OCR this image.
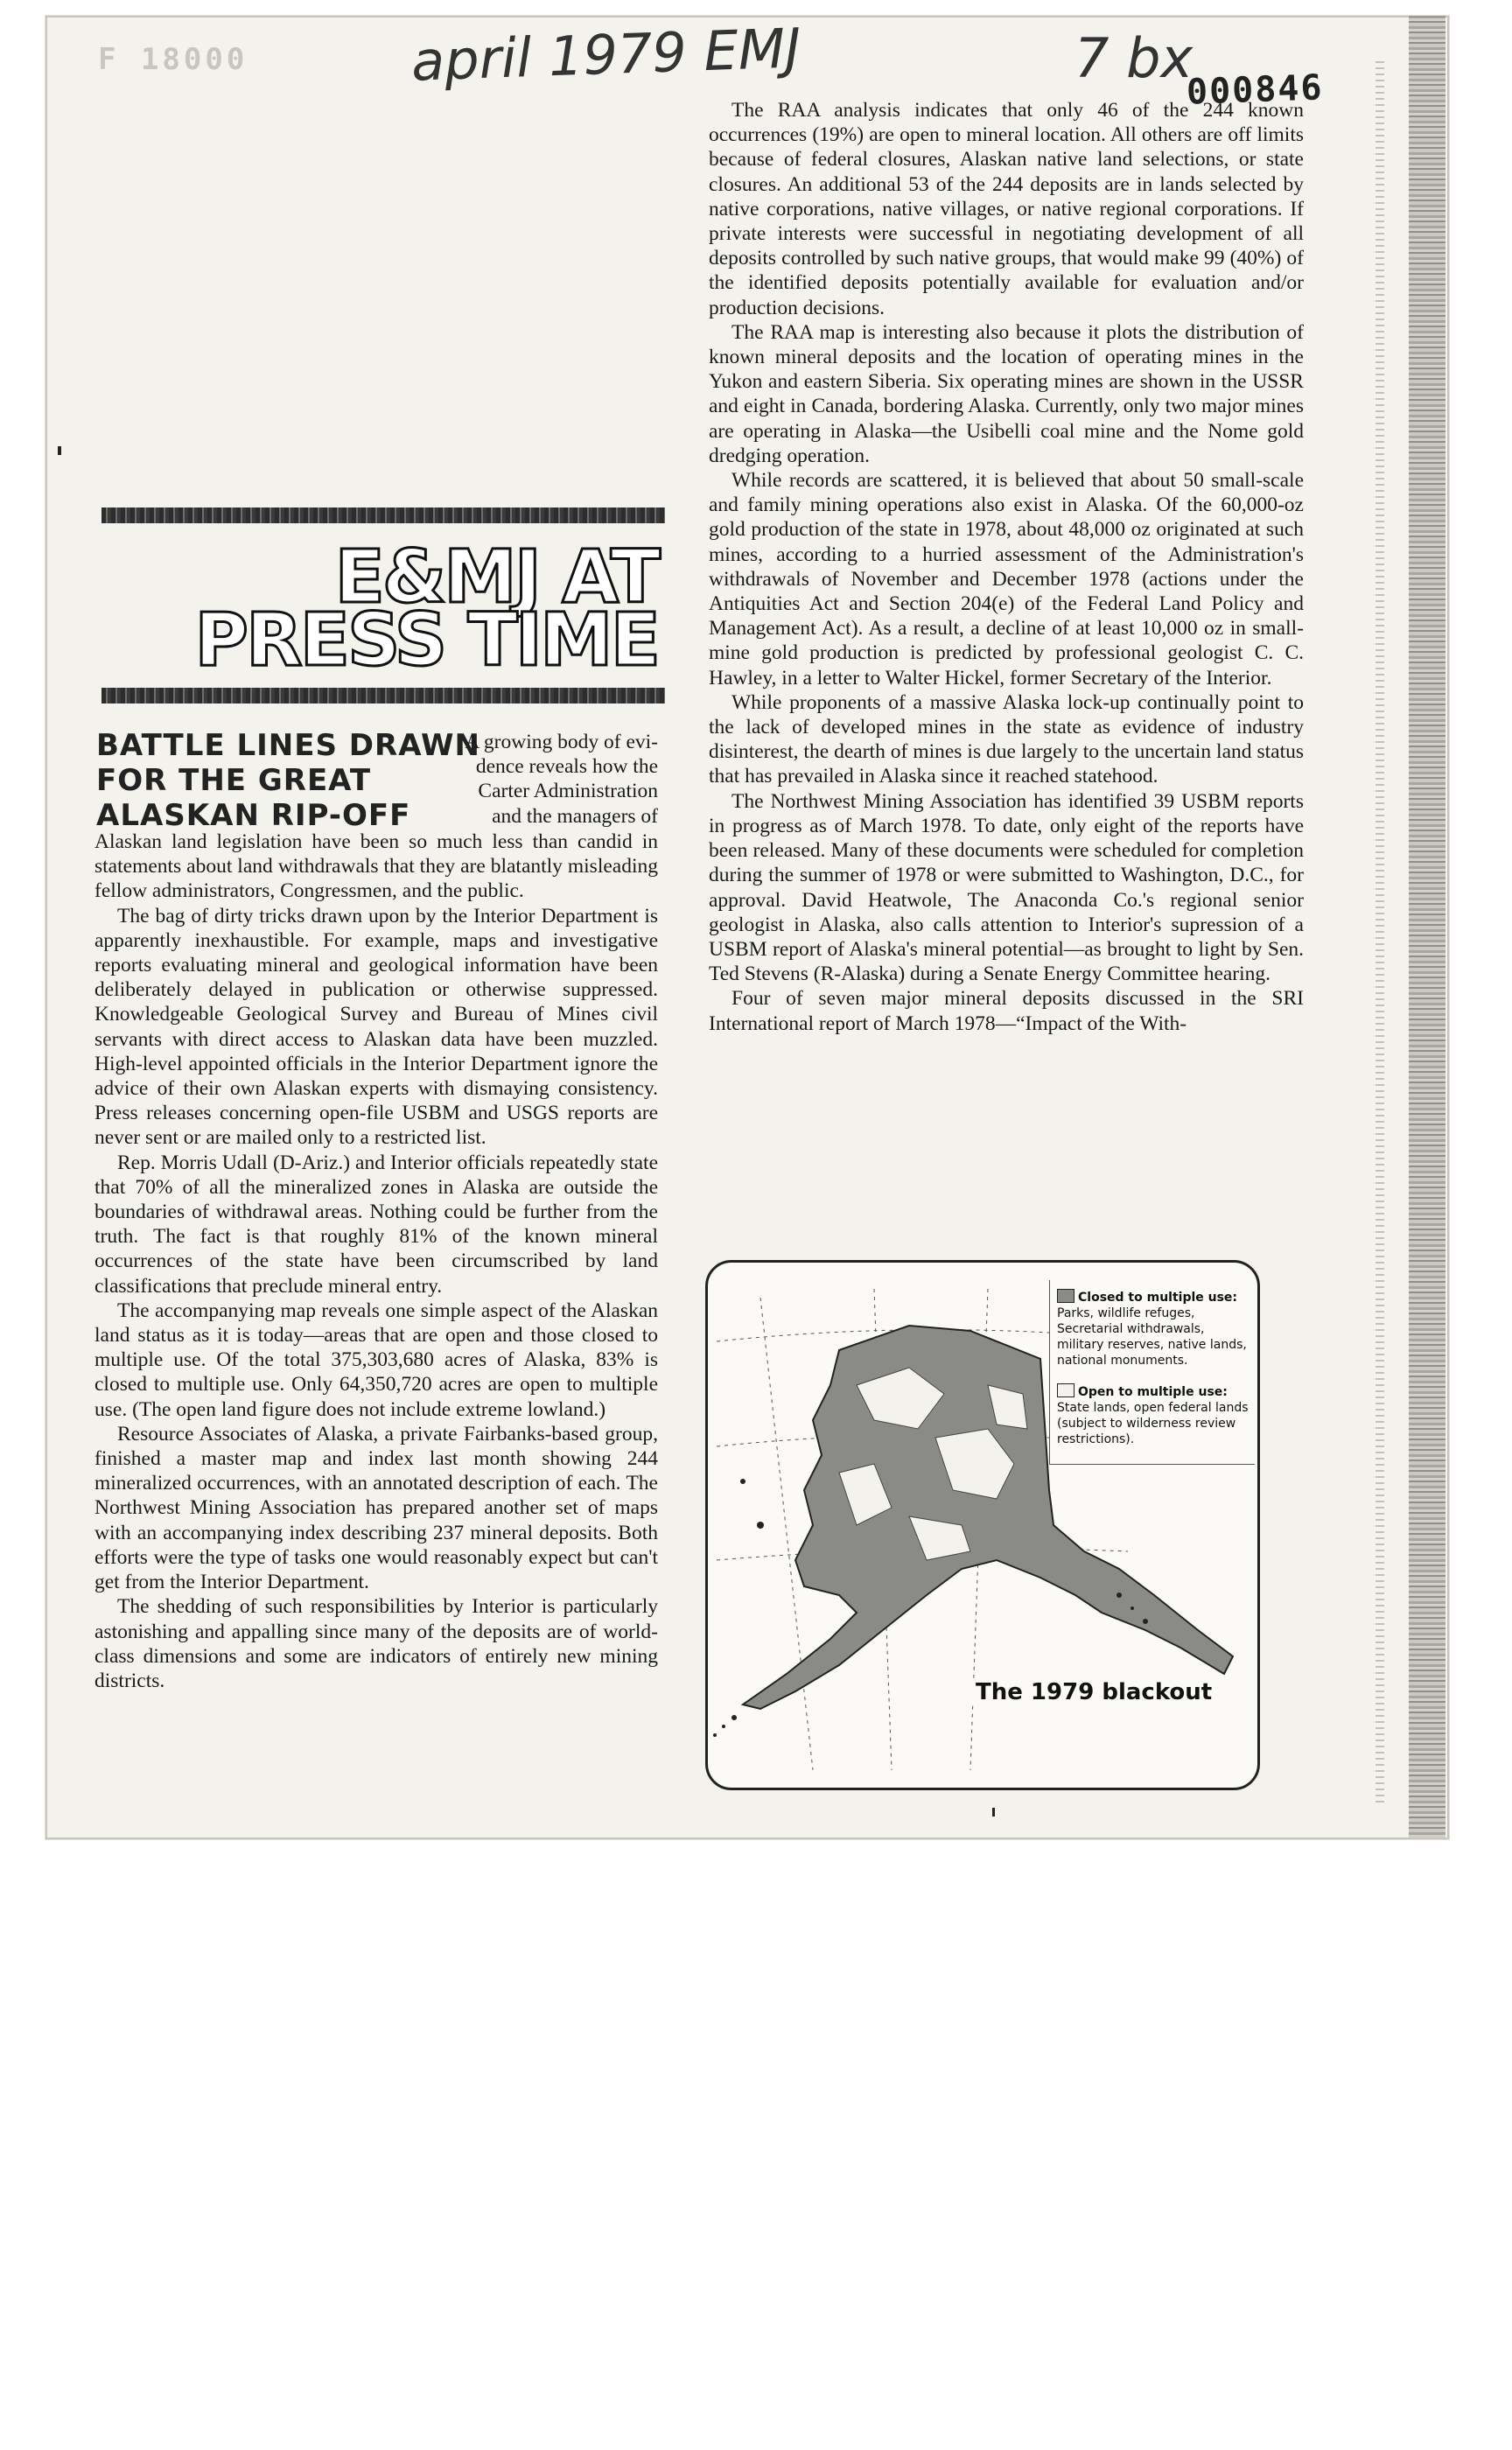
F 18000	april 1979 EMJ	7 bx
000846
E&MJ AT
PRESS TIME
BATTLE LINES DRAWN
FOR THE GREAT
ALASKAN RIP-OFF

A growing body of evi-

dence reveals how the

Carter Administration

and the managers of

Alaskan land legislation have been so much less than candid in statements about land withdrawals that they are blatantly misleading fellow administrators, Congressmen, and the public.

The bag of dirty tricks drawn upon by the Interior Department is apparently inexhaustible. For example, maps and investigative reports evaluating mineral and geological information have been deliberately delayed in publication or otherwise suppressed. Knowledgeable Geological Survey and Bureau of Mines civil servants with direct access to Alaskan data have been muzzled. High-level appointed officials in the Interior Department ignore the advice of their own Alaskan experts with dismaying consistency. Press releases concerning open-file USBM and USGS reports are never sent or are mailed only to a restricted list.

Rep. Morris Udall (D-Ariz.) and Interior officials repeatedly state that 70% of all the mineralized zones in Alaska are outside the boundaries of withdrawal areas. Nothing could be further from the truth. The fact is that roughly 81% of the known mineral occurrences of the state have been circumscribed by land classifications that preclude mineral entry.

The accompanying map reveals one simple aspect of the Alaskan land status as it is today—areas that are open and those closed to multiple use. Of the total 375,303,680 acres of Alaska, 83% is closed to multiple use. Only 64,350,720 acres are open to multiple use. (The open land figure does not include extreme lowland.)

Resource Associates of Alaska, a private Fairbanks-based group, finished a master map and index last month showing 244 mineralized occurrences, with an annotated description of each. The Northwest Mining Association has prepared another set of maps with an accompanying index describing 237 mineral deposits. Both efforts were the type of tasks one would reasonably expect but can't get from the Interior Department.

The shedding of such responsibilities by Interior is particularly astonishing and appalling since many of the deposits are of world-class dimensions and some are indicators of entirely new mining districts.

The RAA analysis indicates that only 46 of the 244 known occurrences (19%) are open to mineral location. All others are off limits because of federal closures, Alaskan native land selections, or state closures. An additional 53 of the 244 deposits are in lands selected by native corporations, native villages, or native regional corporations. If private interests were successful in negotiating development of all deposits controlled by such native groups, that would make 99 (40%) of the identified deposits potentially available for evaluation and/or production decisions.

The RAA map is interesting also because it plots the distribution of known mineral deposits and the location of operating mines in the Yukon and eastern Siberia. Six operating mines are shown in the USSR and eight in Canada, bordering Alaska. Currently, only two major mines are operating in Alaska—the Usibelli coal mine and the Nome gold dredging operation.

While records are scattered, it is believed that about 50 small-scale and family mining operations also exist in Alaska. Of the 60,000-oz gold production of the state in 1978, about 48,000 oz originated at such mines, according to a hurried assessment of the Administration's withdrawals of November and December 1978 (actions under the Antiquities Act and Section 204(e) of the Federal Land Policy and Management Act). As a result, a decline of at least 10,000 oz in small-mine gold production is predicted by professional geologist C. C. Hawley, in a letter to Walter Hickel, former Secretary of the Interior.

While proponents of a massive Alaska lock-up continually point to the lack of developed mines in the state as evidence of industry disinterest, the dearth of mines is due largely to the uncertain land status that has prevailed in Alaska since it reached statehood.

The Northwest Mining Association has identified 39 USBM reports in progress as of March 1978. To date, only eight of the reports have been released. Many of these documents were scheduled for completion during the summer of 1978 or were submitted to Washington, D.C., for approval. David Heatwole, The Anaconda Co.'s regional senior geologist in Alaska, also calls attention to Interior's supression of a USBM report of Alaska's mineral potential—as brought to light by Sen. Ted Stevens (R-Alaska) during a Senate Energy Committee hearing.

Four of seven major mineral deposits discussed in the SRI International report of March 1978—“Impact of the With-

Closed to multiple use: Parks, wildlife refuges, Secretarial withdrawals, military reserves, native lands, national monuments.
Open to multiple use: State lands, open federal lands (subject to wilderness review restrictions).
The 1979 blackout
